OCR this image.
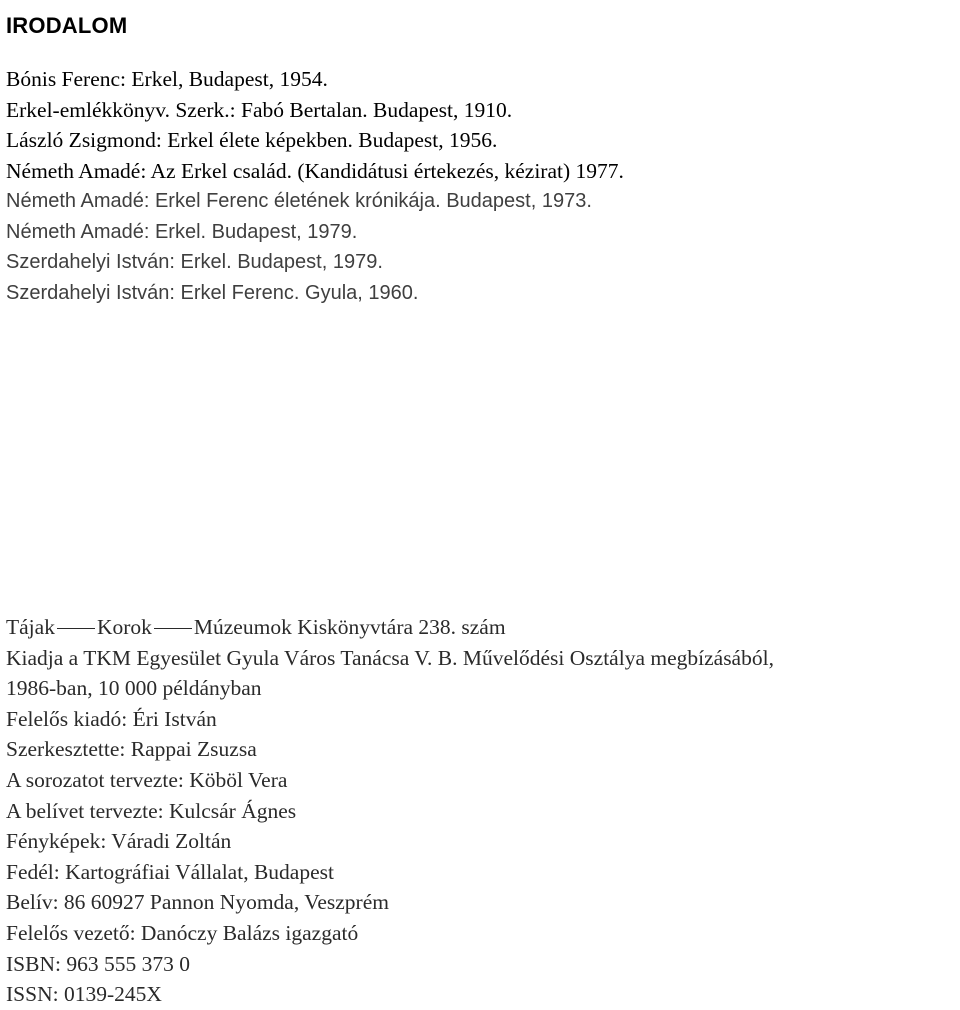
IRODALOM
Bónis Ferenc: Erkel, Budapest, 1954.
Erkel-emlékkönyv. Szerk.: Fabó Bertalan. Budapest, 1910.
László Zsigmond: Erkel élete képekben. Budapest, 1956.
Németh Amadé: Az Erkel család. (Kandidátusi értekezés, kézirat) 1977.
Németh Amadé: Erkel Ferenc életének krónikája. Budapest, 1973.
Németh Amadé: Erkel. Budapest, 1979.
Szerdahelyi István: Erkel. Budapest, 1979.
Szerdahelyi István: Erkel Ferenc. Gyula, 1960.
Tájak Korok Múzeumok Kiskönyvtára 238. szám
Kiadja a TKM Egyesület Gyula Város Tanácsa V. B. Művelődési Osztálya megbízásából,
1986-ban, 10 000 példányban
Felelős kiadó: Éri István
Szerkesztette: Rappai Zsuzsa
A sorozatot tervezte: Köböl Vera
A belívet tervezte: Kulcsár Ágnes
Fényképek: Váradi Zoltán
Fedél: Kartográfiai Vállalat, Budapest
Belív: 86 60927 Pannon Nyomda, Veszprém
Felelős vezető: Danóczy Balázs igazgató
ISBN: 963 555 373 0
ISSN: 0139-245X
